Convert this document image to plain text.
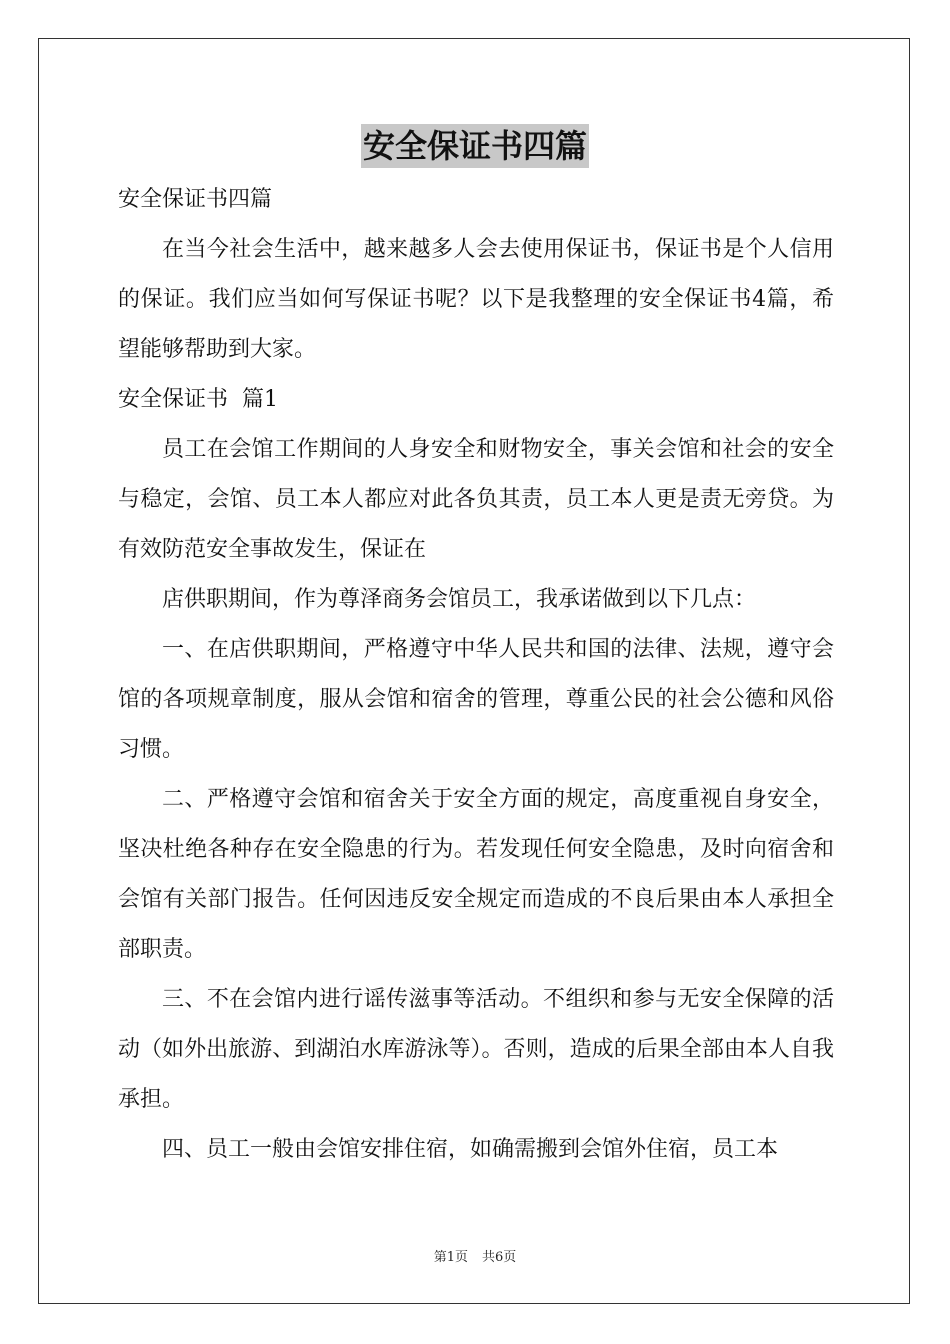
安全保证书四篇

安全保证书四篇

在当今社会生活中，越来越多人会去使用保证书，保证书是个人信用的保证。我们应当如何写保证书呢？以下是我整理的安全保证书4篇，希望能够帮助到大家。

安全保证书  篇1

员工在会馆工作期间的人身安全和财物安全，事关会馆和社会的安全与稳定，会馆、员工本人都应对此各负其责，员工本人更是责无旁贷。为有效防范安全事故发生，保证在

店供职期间，作为尊泽商务会馆员工，我承诺做到以下几点：

一、在店供职期间，严格遵守中华人民共和国的法律、法规，遵守会馆的各项规章制度，服从会馆和宿舍的管理，尊重公民的社会公德和风俗习惯。

二、严格遵守会馆和宿舍关于安全方面的规定，高度重视自身安全，坚决杜绝各种存在安全隐患的行为。若发现任何安全隐患，及时向宿舍和会馆有关部门报告。任何因违反安全规定而造成的不良后果由本人承担全部职责。

三、不在会馆内进行谣传滋事等活动。不组织和参与无安全保障的活动（如外出旅游、到湖泊水库游泳等）。否则，造成的后果全部由本人自我承担。

四、员工一般由会馆安排住宿，如确需搬到会馆外住宿，员工本

第1页 共6页
